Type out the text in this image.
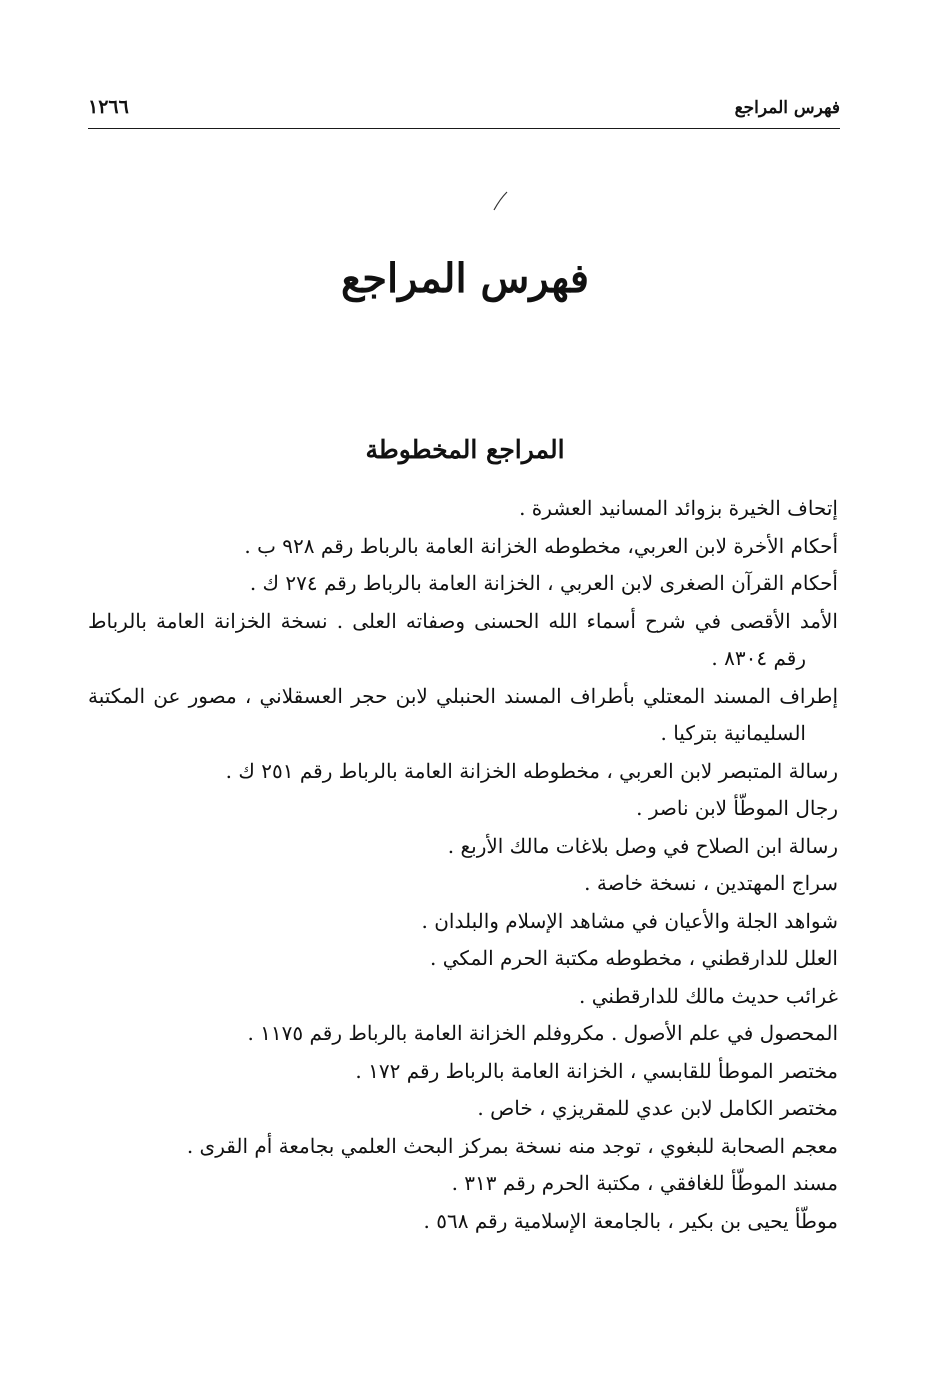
فهرس المراجع
١٢٦٦
فهرس المراجع
المراجع المخطوطة
إتحاف الخيرة بزوائد المسانيد العشرة .
أحكام الأخرة لابن العربي، مخطوطه الخزانة العامة بالرباط رقم ٩٢٨ ب .
أحكام القرآن الصغرى لابن العربي ، الخزانة العامة بالرباط رقم ٢٧٤ ك .
الأمد الأقصى في شرح أسماء الله الحسنى وصفاته العلى . نسخة الخزانة العامة بالرباط رقم ٨٣٠٤ .
إطراف المسند المعتلي بأطراف المسند الحنبلي لابن حجر العسقلاني ، مصور عن المكتبة السليمانية بتركيا .
رسالة المتبصر لابن العربي ، مخطوطه الخزانة العامة بالرباط رقم ٢٥١ ك .
رجال الموطّأ لابن ناصر .
رسالة ابن الصلاح في وصل بلاغات مالك الأربع .
سراج المهتدين ، نسخة خاصة .
شواهد الجلة والأعيان في مشاهد الإسلام والبلدان .
العلل للدارقطني ، مخطوطه مكتبة الحرم المكي .
غرائب حديث مالك للدارقطني .
المحصول في علم الأصول . مكروفلم الخزانة العامة بالرباط رقم ١١٧٥ .
مختصر الموطأ للقابسي ، الخزانة العامة بالرباط رقم ١٧٢ .
مختصر الكامل لابن عدي للمقريزي ، خاص .
معجم الصحابة للبغوي ، توجد منه نسخة بمركز البحث العلمي بجامعة أم القرى .
مسند الموطّأ للغافقي ، مكتبة الحرم رقم ٣١٣ .
موطّأ يحيى بن بكير ، بالجامعة الإسلامية رقم ٥٦٨ .
